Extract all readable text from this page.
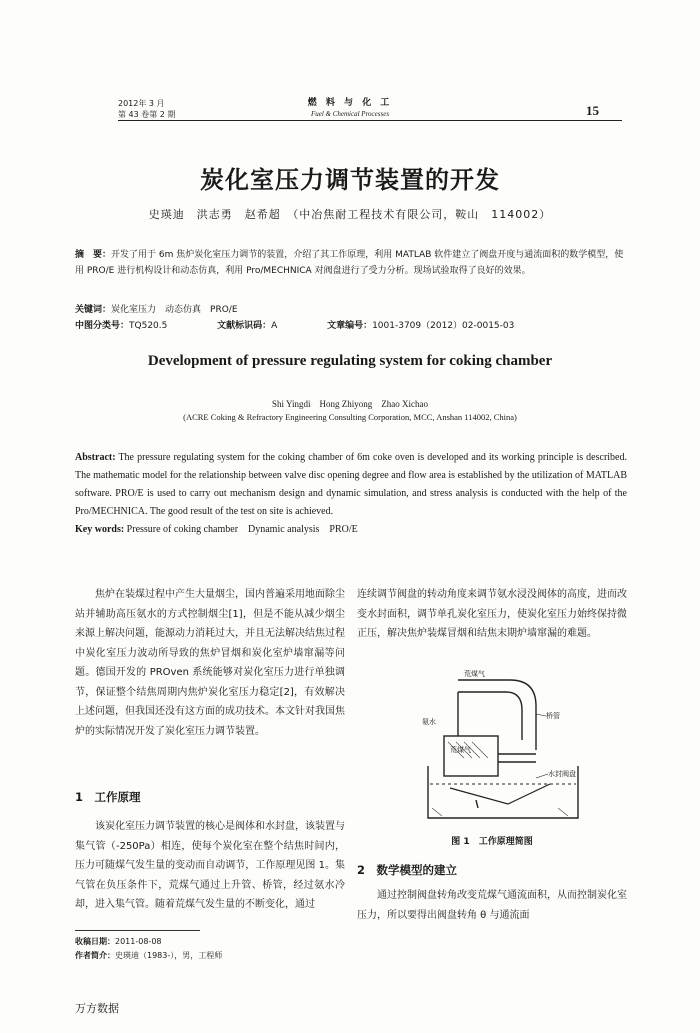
2012年 3 月
第 43 卷第 2 期
燃 料 与 化 工
Fuel & Chemical Processes	15
炭化室压力调节装置的开发
史瑛迪　洪志勇　赵希超　（中冶焦耐工程技术有限公司，鞍山　114002）
摘　要：开发了用于 6m 焦炉炭化室压力调节的装置，介绍了其工作原理，利用 MATLAB 软件建立了阀盘开度与通流面积的数学模型，使用 PRO/E 进行机构设计和动态仿真，利用 Pro/MECHNICA 对阀盘进行了受力分析。现场试验取得了良好的效果。
关键词：炭化室压力　动态仿真　PRO/E
中图分类号：TQ520.5	文献标识码：A	文章编号：1001-3709（2012）02-0015-03
Development of pressure regulating system for coking chamber
Shi Yingdi　Hong Zhiyong　Zhao Xichao
(ACRE Coking & Refractory Engineering Consulting Corporation, MCC, Anshan 114002, China)
Abstract: The pressure regulating system for the coking chamber of 6m coke oven is developed and its working principle is described. The mathematic model for the relationship between valve disc opening degree and flow area is established by the utilization of MATLAB software. PRO/E is used to carry out mechanism design and dynamic simulation, and stress analysis is conducted with the help of the Pro/MECHNICA. The good result of the test on site is achieved.
Key words: Pressure of coking chamber　Dynamic analysis　PRO/E

焦炉在装煤过程中产生大量烟尘，国内普遍采用地面除尘站并辅助高压氨水的方式控制烟尘[1]，但是不能从减少烟尘来源上解决问题，能源动力消耗过大，并且无法解决结焦过程中炭化室压力波动所导致的焦炉冒烟和炭化室炉墙窜漏等问题。德国开发的 PROven 系统能够对炭化室压力进行单独调节，保证整个结焦周期内焦炉炭化室压力稳定[2]，有效解决上述问题，但我国还没有这方面的成功技术。本文针对我国焦炉的实际情况开发了炭化室压力调节装置。

1　工作原理

该炭化室压力调节装置的核心是阀体和水封盘，该装置与集气管（-250Pa）相连，使每个炭化室在整个结焦时间内，压力可随煤气发生量的变动而自动调节，工作原理见图 1。集气管在负压条件下，荒煤气通过上升管、桥管，经过氨水冷却，进入集气管。随着荒煤气发生量的不断变化，通过

连续调节阀盘的转动角度来调节氨水浸没阀体的高度，进而改变水封面积，调节单孔炭化室压力，使炭化室压力始终保持微正压，解决焦炉装煤冒烟和结焦末期炉墙窜漏的难题。

荒煤气
桥管
氨水
荒煤气
水封阀盘
图 1　工作原理简图
2　数学模型的建立

通过控制阀盘转角改变荒煤气通流面积，从而控制炭化室压力，所以要得出阀盘转角 θ 与通流面

收稿日期：2011-08-08
作者简介：史瑛迪（1983-），男，工程师
万方数据
